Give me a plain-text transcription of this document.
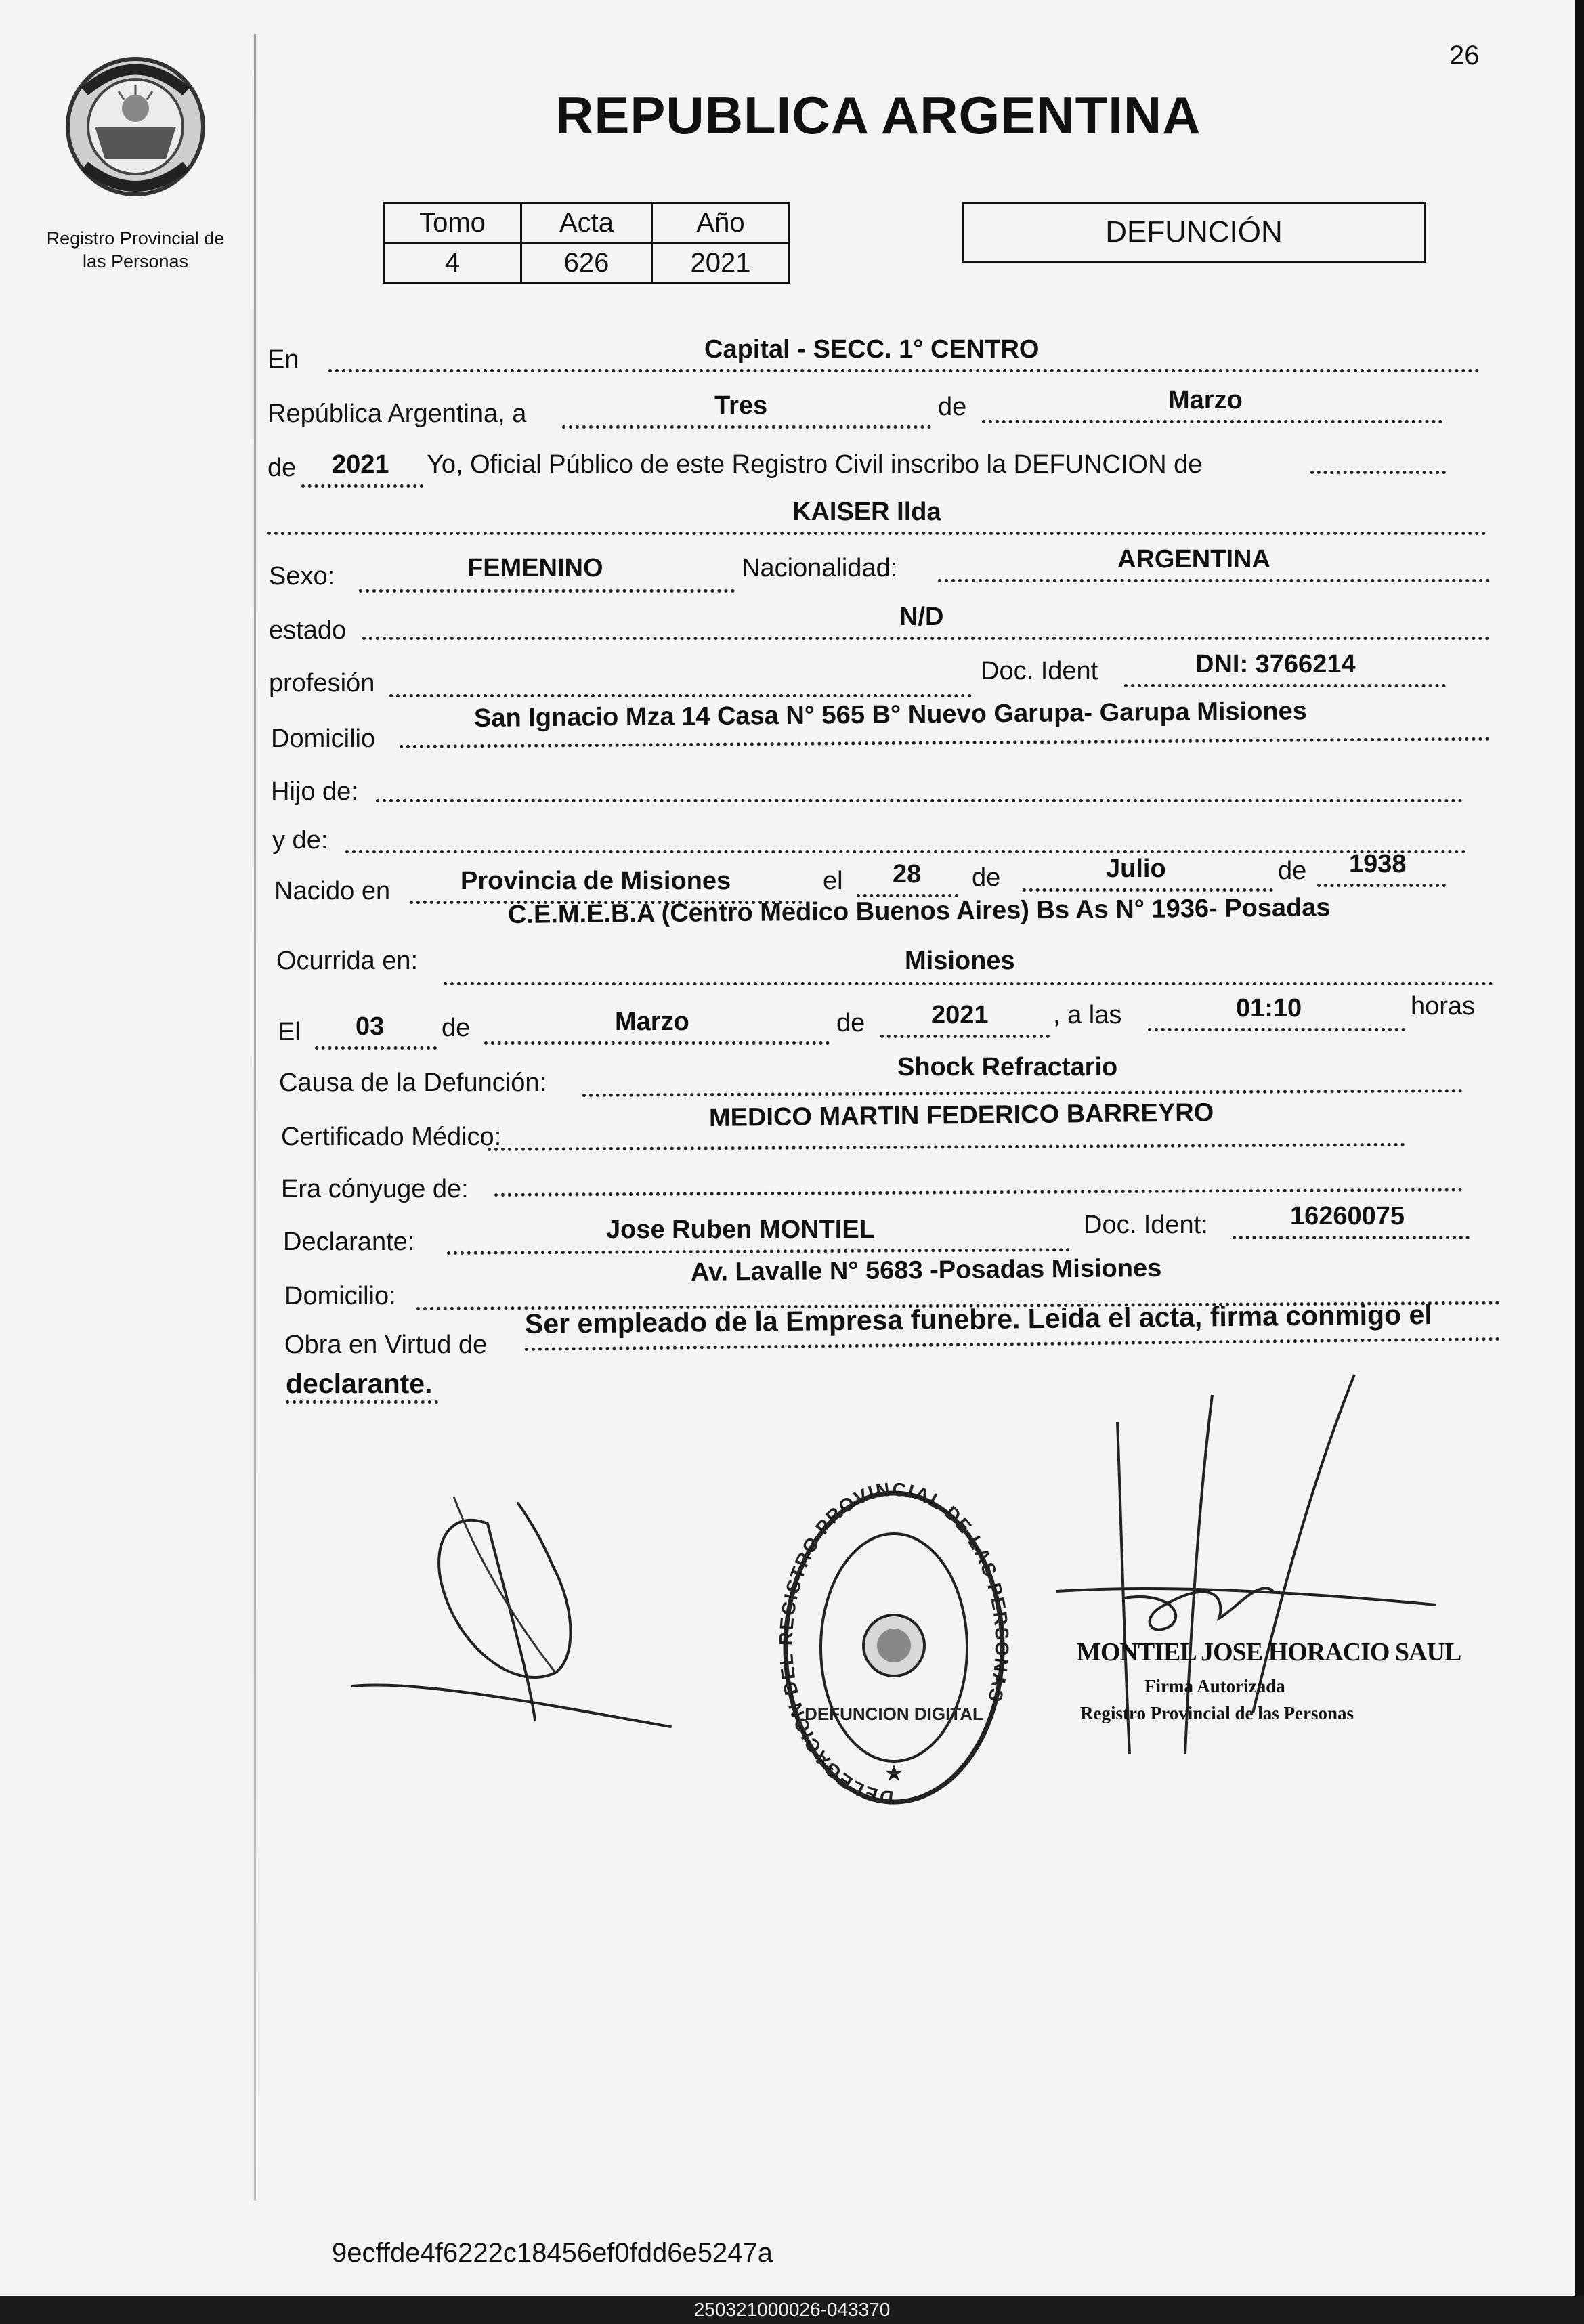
26
Registro Provincial de
las Personas
REPUBLICA ARGENTINA
Tomo	Acta	Año
4	626	2021
DEFUNCIÓN
En	Capital - SECC. 1° CENTRO
República Argentina, a	Tres	de	Marzo
de 2021 Yo, Oficial Público de este Registro Civil inscribo la DEFUNCION de
KAISER Ilda
Sexo:	FEMENINO	Nacionalidad:	ARGENTINA
estado	N/D
profesión	Doc. Ident	DNI: 3766214
Domicilio
San Ignacio Mza 14 Casa N° 565 B° Nuevo Garupa- Garupa Misiones
Hijo de:
y de:
Nacido en	Provincia de Misiones	el 28 de	Julio	de 1938
C.E.M.E.B.A (Centro Medico Buenos Aires) Bs As N° 1936- Posadas
Ocurrida en:	Misiones
El 03 de	Marzo	de	2021	, a las	01:10	horas
Causa de la Defunción:
Shock Refractario
Certificado Médico:
MEDICO MARTIN FEDERICO BARREYRO
Era cónyuge de:
Declarante:	Jose Ruben MONTIEL	Doc. Ident:	16260075
Domicilio:
Av. Lavalle N° 5683 -Posadas Misiones
Obra en Virtud de
Ser empleado de la Empresa funebre. Leida el acta, firma conmigo el
declarante.
DELEGACION DEL REGISTRO PROVINCIAL DE LAS PERSONAS
DEFUNCION DIGITAL
★
MONTIEL JOSE HORACIO SAUL
Firma Autorizada
Registro Provincial de las Personas
9ecffde4f6222c18456ef0fdd6e5247a
250321000026-043370
